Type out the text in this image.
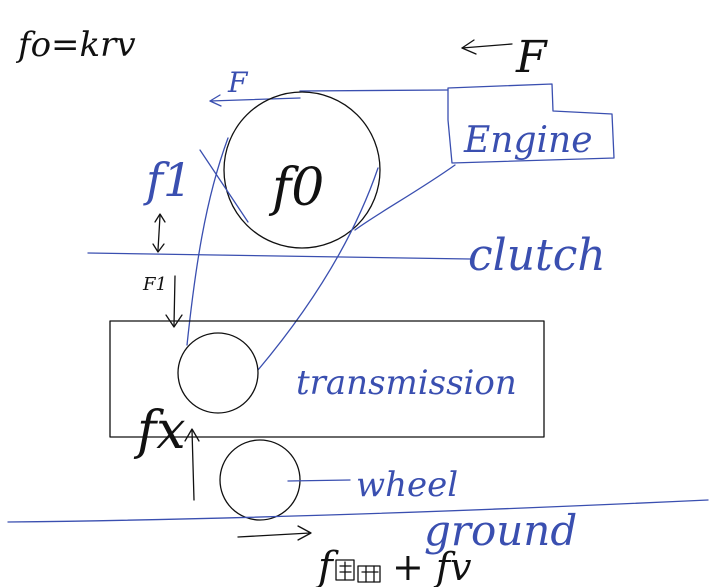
fo=krv	F
F
Engine
f0
f1
clutch
F1
transmission
fx
wheel
ground
f + fv
